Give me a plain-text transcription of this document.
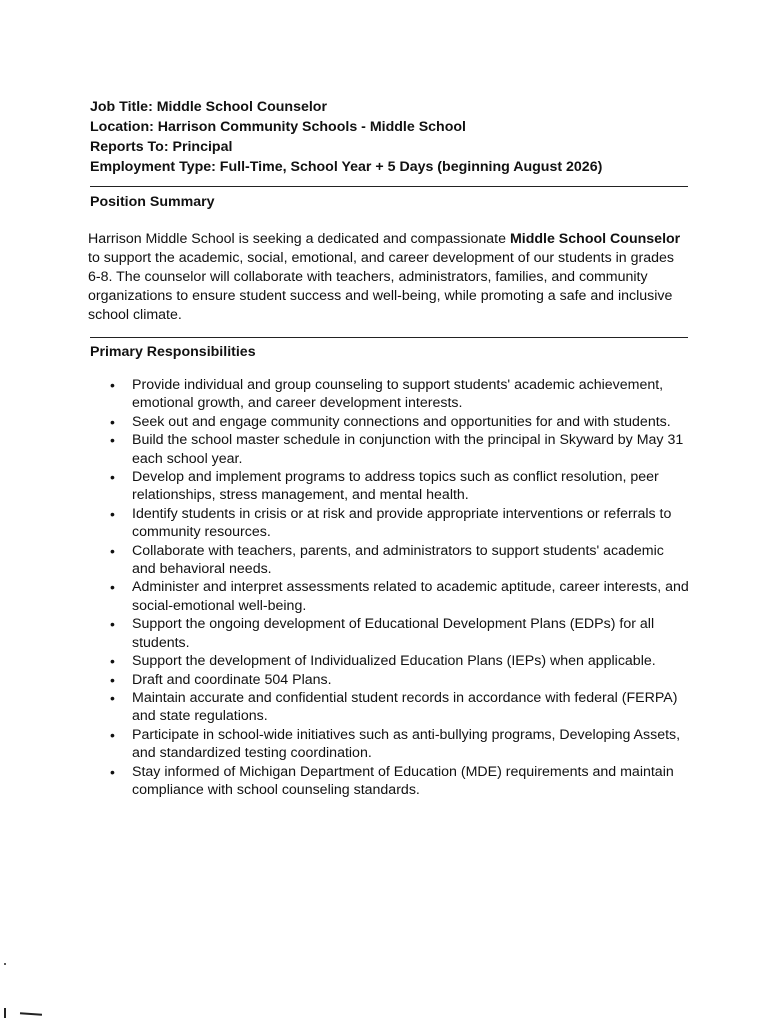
Job Title: Middle School Counselor
Location: Harrison Community Schools - Middle School
Reports To: Principal
Employment Type: Full-Time, School Year + 5 Days (beginning August 2026)
Position Summary
Harrison Middle School is seeking a dedicated and compassionate Middle School Counselor
to support the academic, social, emotional, and career development of our students in grades
6-8. The counselor will collaborate with teachers, administrators, families, and community
organizations to ensure student success and well-being, while promoting a safe and inclusive
school climate.
Primary Responsibilities
• Provide individual and group counseling to support students' academic achievement,
emotional growth, and career development interests.
• Seek out and engage community connections and opportunities for and with students.
• Build the school master schedule in conjunction with the principal in Skyward by May 31
each school year.
• Develop and implement programs to address topics such as conflict resolution, peer
relationships, stress management, and mental health.
• Identify students in crisis or at risk and provide appropriate interventions or referrals to
community resources.
• Collaborate with teachers, parents, and administrators to support students' academic
and behavioral needs.
• Administer and interpret assessments related to academic aptitude, career interests, and
social-emotional well-being.
• Support the ongoing development of Educational Development Plans (EDPs) for all
students.
• Support the development of Individualized Education Plans (IEPs) when applicable.
• Draft and coordinate 504 Plans.
• Maintain accurate and confidential student records in accordance with federal (FERPA)
and state regulations.
• Participate in school-wide initiatives such as anti-bullying programs, Developing Assets,
and standardized testing coordination.
• Stay informed of Michigan Department of Education (MDE) requirements and maintain
compliance with school counseling standards.
